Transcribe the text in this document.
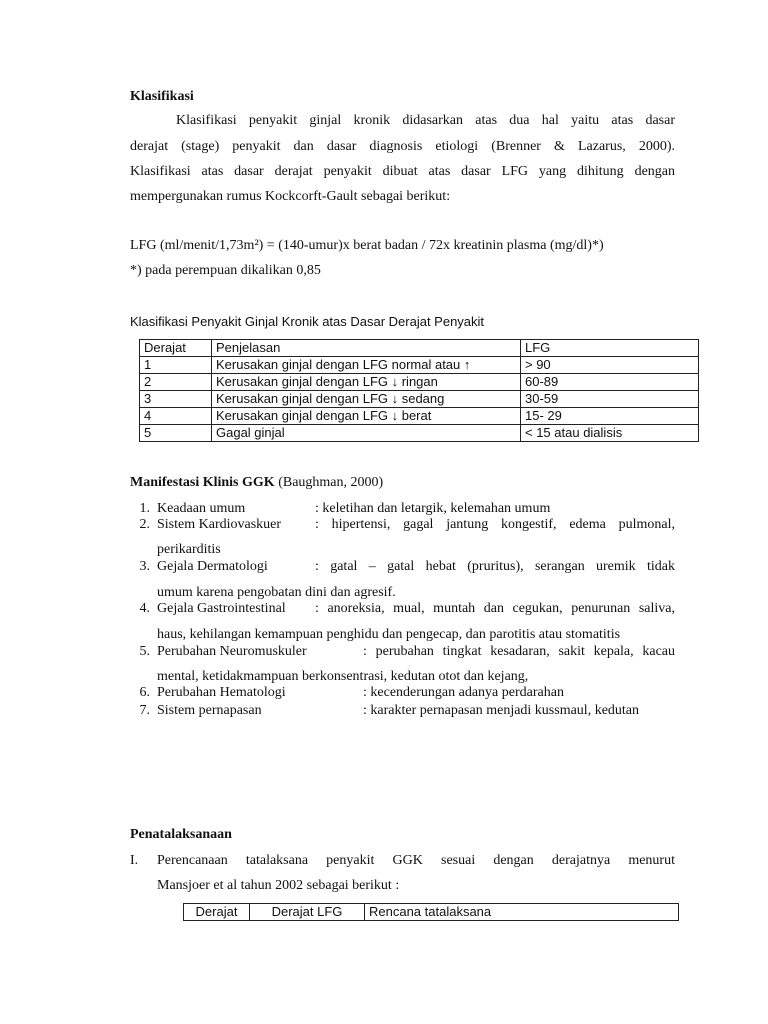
Klasifikasi
Klasifikasi penyakit ginjal kronik didasarkan atas dua hal yaitu atas dasar
derajat (stage) penyakit dan dasar diagnosis etiologi (Brenner & Lazarus, 2000).
Klasifikasi atas dasar derajat penyakit dibuat atas dasar LFG yang dihitung dengan
mempergunakan rumus Kockcorft-Gault sebagai berikut:
LFG (ml/menit/1,73m²) = (140-umur)x berat badan / 72x kreatinin plasma (mg/dl)*)
*) pada perempuan dikalikan 0,85
Klasifikasi Penyakit Ginjal Kronik atas Dasar Derajat Penyakit
Derajat	Penjelasan	LFG
1	Kerusakan ginjal dengan LFG normal atau ↑	> 90
2	Kerusakan ginjal dengan LFG ↓ ringan	60-89
3	Kerusakan ginjal dengan LFG ↓ sedang	30-59
4	Kerusakan ginjal dengan LFG ↓ berat	15- 29
5	Gagal ginjal	< 15 atau dialisis
Manifestasi Klinis GGK (Baughman, 2000)
1. Keadaan umum	: keletihan dan letargik, kelemahan umum
2. Sistem Kardiovaskuer : hipertensi, gagal jantung kongestif, edema pulmonal,
perikarditis
3. Gejala Dermatologi	: gatal – gatal hebat (pruritus), serangan uremik tidak
umum karena pengobatan dini dan agresif.
4. Gejala Gastrointestinal : anoreksia, mual, muntah dan cegukan, penurunan saliva,
haus, kehilangan kemampuan penghidu dan pengecap, dan parotitis atau stomatitis
5. Perubahan Neuromuskuler	: perubahan tingkat kesadaran, sakit kepala, kacau
mental, ketidakmampuan berkonsentrasi, kedutan otot dan kejang,
6. Perubahan Hematologi	: kecenderungan adanya perdarahan
7. Sistem pernapasan	: karakter pernapasan menjadi kussmaul, kedutan
Penatalaksanaan
I. Perencanaan tatalaksana penyakit GGK sesuai dengan derajatnya menurut
Mansjoer et al tahun 2002 sebagai berikut :
Derajat	Derajat LFG	Rencana tatalaksana
